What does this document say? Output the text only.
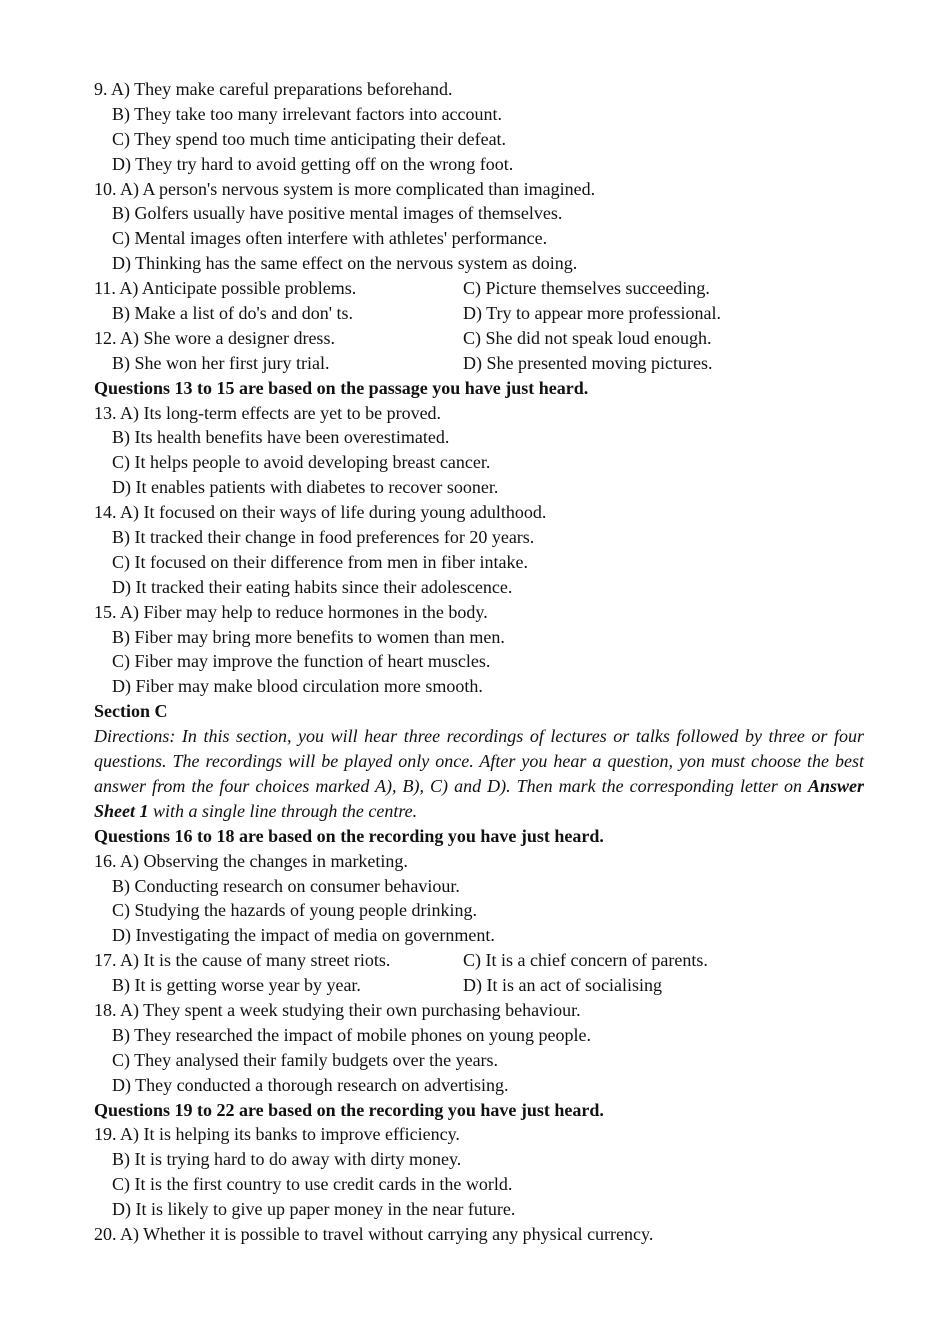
9. A) They make careful preparations beforehand.
B) They take too many irrelevant factors into account.
C) They spend too much time anticipating their defeat.
D) They try hard to avoid getting off on the wrong foot.
10. A) A person's nervous system is more complicated than imagined.
B) Golfers usually have positive mental images of themselves.
C) Mental images often interfere with athletes' performance.
D) Thinking has the same effect on the nervous system as doing.
11. A) Anticipate possible problems.	C) Picture themselves succeeding.
B) Make a list of do's and don' ts.	D) Try to appear more professional.
12. A) She wore a designer dress.	C) She did not speak loud enough.
B) She won her first jury trial.	D) She presented moving pictures.
Questions 13 to 15 are based on the passage you have just heard.
13. A) Its long-term effects are yet to be proved.
B) Its health benefits have been overestimated.
C) It helps people to avoid developing breast cancer.
D) It enables patients with diabetes to recover sooner.
14. A) It focused on their ways of life during young adulthood.
B) It tracked their change in food preferences for 20 years.
C) It focused on their difference from men in fiber intake.
D) It tracked their eating habits since their adolescence.
15. A) Fiber may help to reduce hormones in the body.
B) Fiber may bring more benefits to women than men.
C) Fiber may improve the function of heart muscles.
D) Fiber may make blood circulation more smooth.
Section C
Directions: In this section, you will hear three recordings of lectures or talks followed by three or four questions. The recordings will be played only once. After you hear a question, yon must choose the best answer from the four choices marked A), B), C) and D). Then mark the corresponding letter on Answer Sheet 1 with a single line through the centre.
Questions 16 to 18 are based on the recording you have just heard.
16. A) Observing the changes in marketing.
B) Conducting research on consumer behaviour.
C) Studying the hazards of young people drinking.
D) Investigating the impact of media on government.
17. A) It is the cause of many street riots.	C) It is a chief concern of parents.
B) It is getting worse year by year.	D) It is an act of socialising
18. A) They spent a week studying their own purchasing behaviour.
B) They researched the impact of mobile phones on young people.
C) They analysed their family budgets over the years.
D) They conducted a thorough research on advertising.
Questions 19 to 22 are based on the recording you have just heard.
19. A) It is helping its banks to improve efficiency.
B) It is trying hard to do away with dirty money.
C) It is the first country to use credit cards in the world.
D) It is likely to give up paper money in the near future.
20. A) Whether it is possible to travel without carrying any physical currency.
